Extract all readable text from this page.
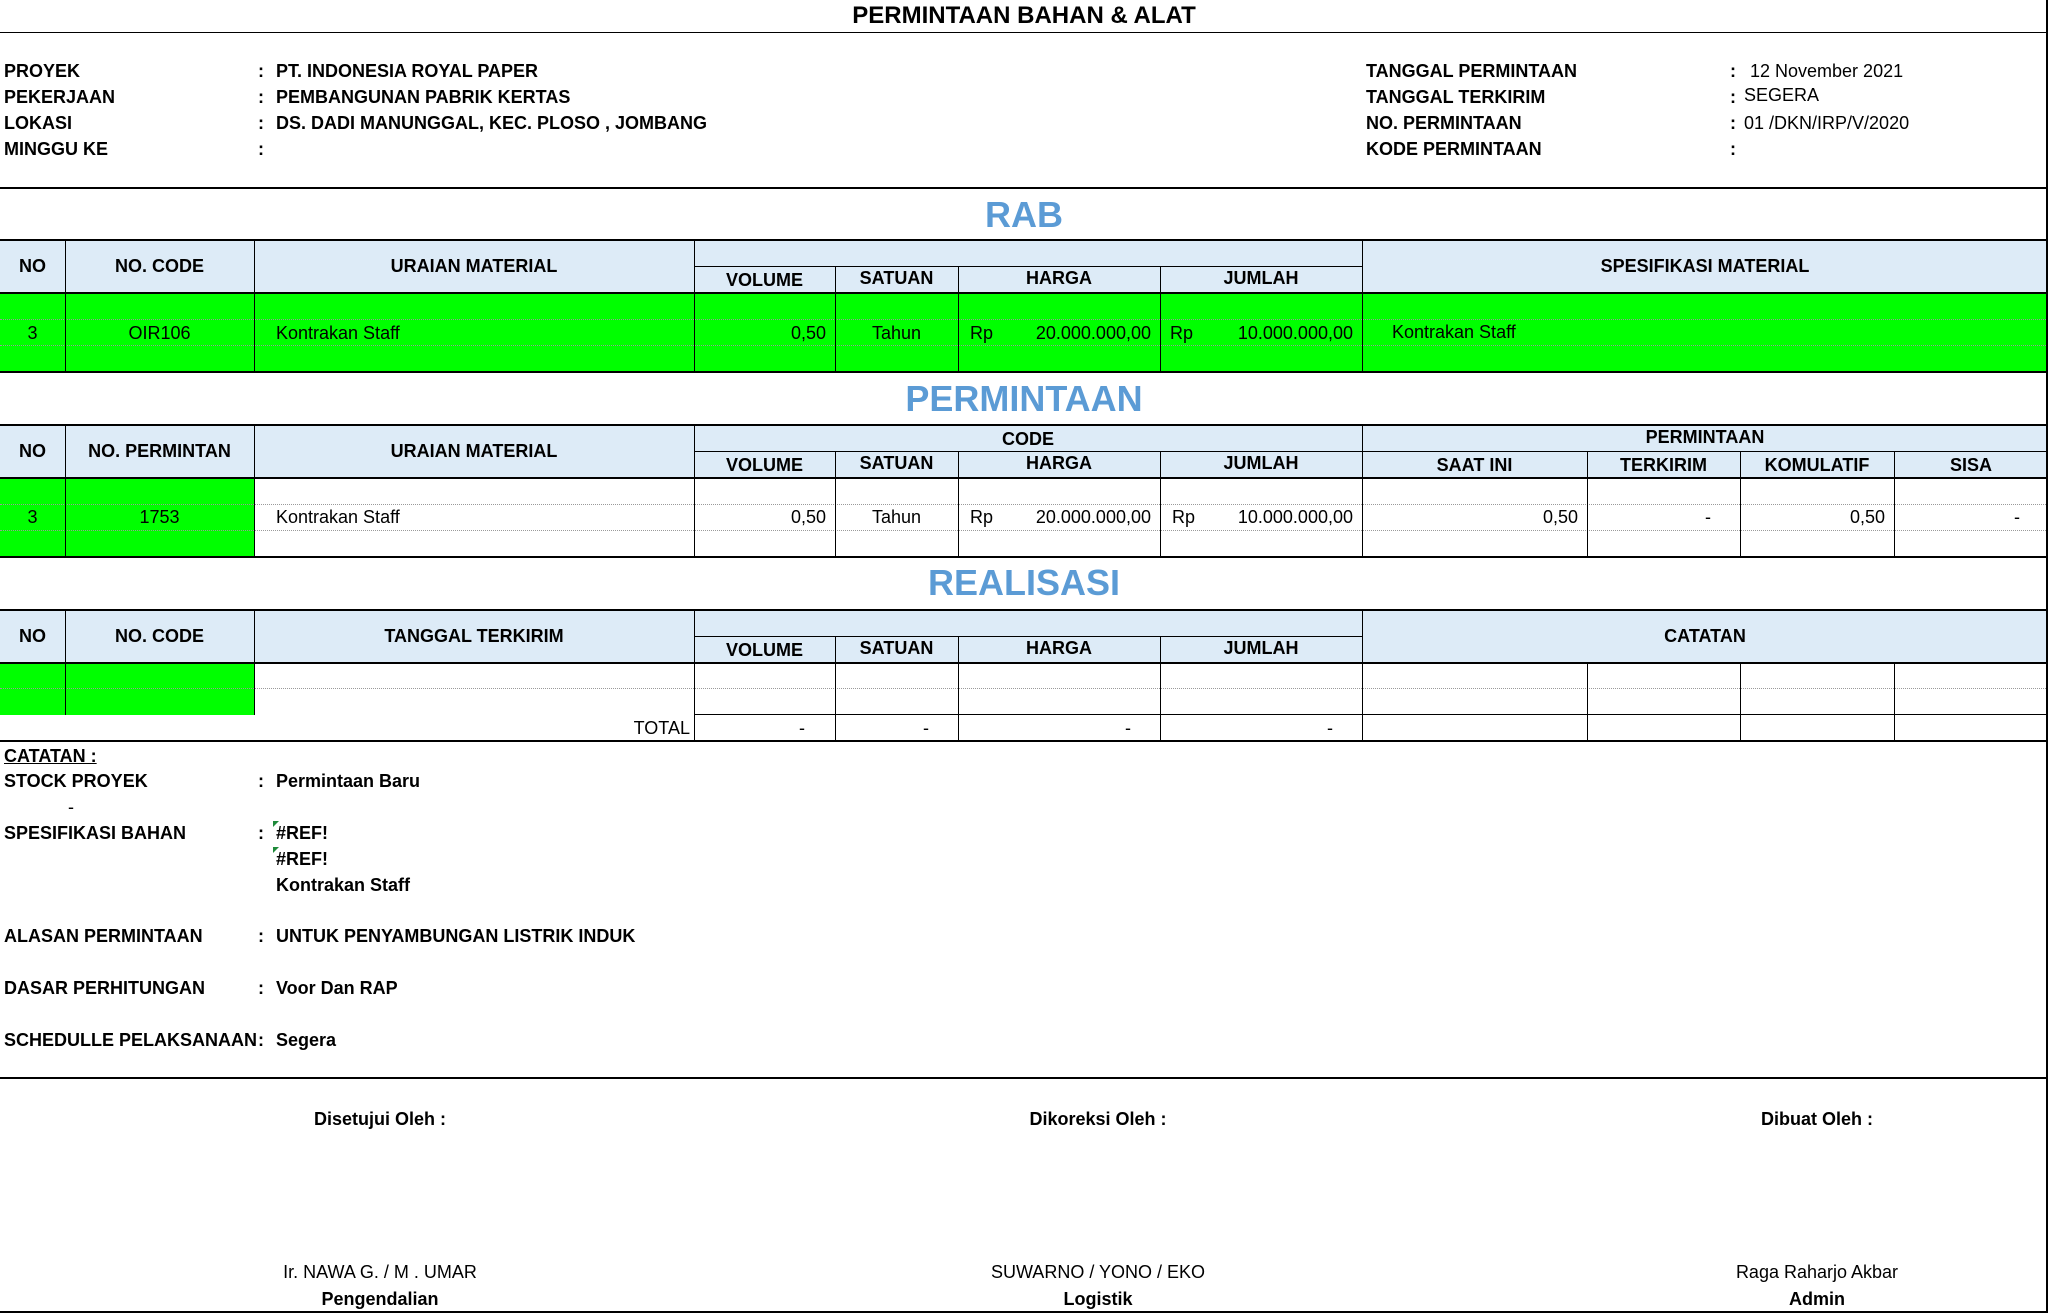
PERMINTAAN BAHAN & ALAT
PROYEK	: PT. INDONESIA ROYAL PAPER
PEKERJAAN	: PEMBANGUNAN PABRIK KERTAS
LOKASI	: DS. DADI MANUNGGAL, KEC. PLOSO , JOMBANG
MINGGU KE	:
TANGGAL PERMINTAAN	: 12 November 2021
TANGGAL TERKIRIM	: SEGERA
NO. PERMINTAAN	: 01 /DKN/IRP/V/2020
KODE PERMINTAAN	:
RAB
NO	NO. CODE	URAIAN MATERIAL
VOLUME	SATUAN	HARGA	JUMLAH
SPESIFIKASI MATERIAL
3	OIR106	Kontrakan Staff	0,50	Tahun	Rp	20.000.000,00 Rp	10.000.000,00 Kontrakan Staff
PERMINTAAN
NO	NO. PERMINTAN	URAIAN MATERIAL
CODE
VOLUME	SATUAN	HARGA	JUMLAH
PERMINTAAN
SAAT INI	TERKIRIM	KOMULATIF	SISA
3	1753	Kontrakan Staff	0,50	Tahun	Rp	20.000.000,00 Rp	10.000.000,00	0,50	-	0,50	-
REALISASI
NO	NO. CODE	TANGGAL TERKIRIM
VOLUME	SATUAN	HARGA	JUMLAH
CATATAN
TOTAL	-	-	-	-
CATATAN :
STOCK PROYEK	: Permintaan Baru
-
SPESIFIKASI BAHAN	: #REF!
#REF!
Kontrakan Staff
ALASAN PERMINTAAN	: UNTUK PENYAMBUNGAN LISTRIK INDUK
DASAR PERHITUNGAN	: Voor Dan RAP
SCHEDULLE PELAKSANAAN : Segera
Disetujui Oleh :
Ir. NAWA G. / M . UMAR
Pengendalian
Dikoreksi Oleh :
SUWARNO / YONO / EKO
Logistik
Dibuat Oleh :
Raga Raharjo Akbar
Admin
